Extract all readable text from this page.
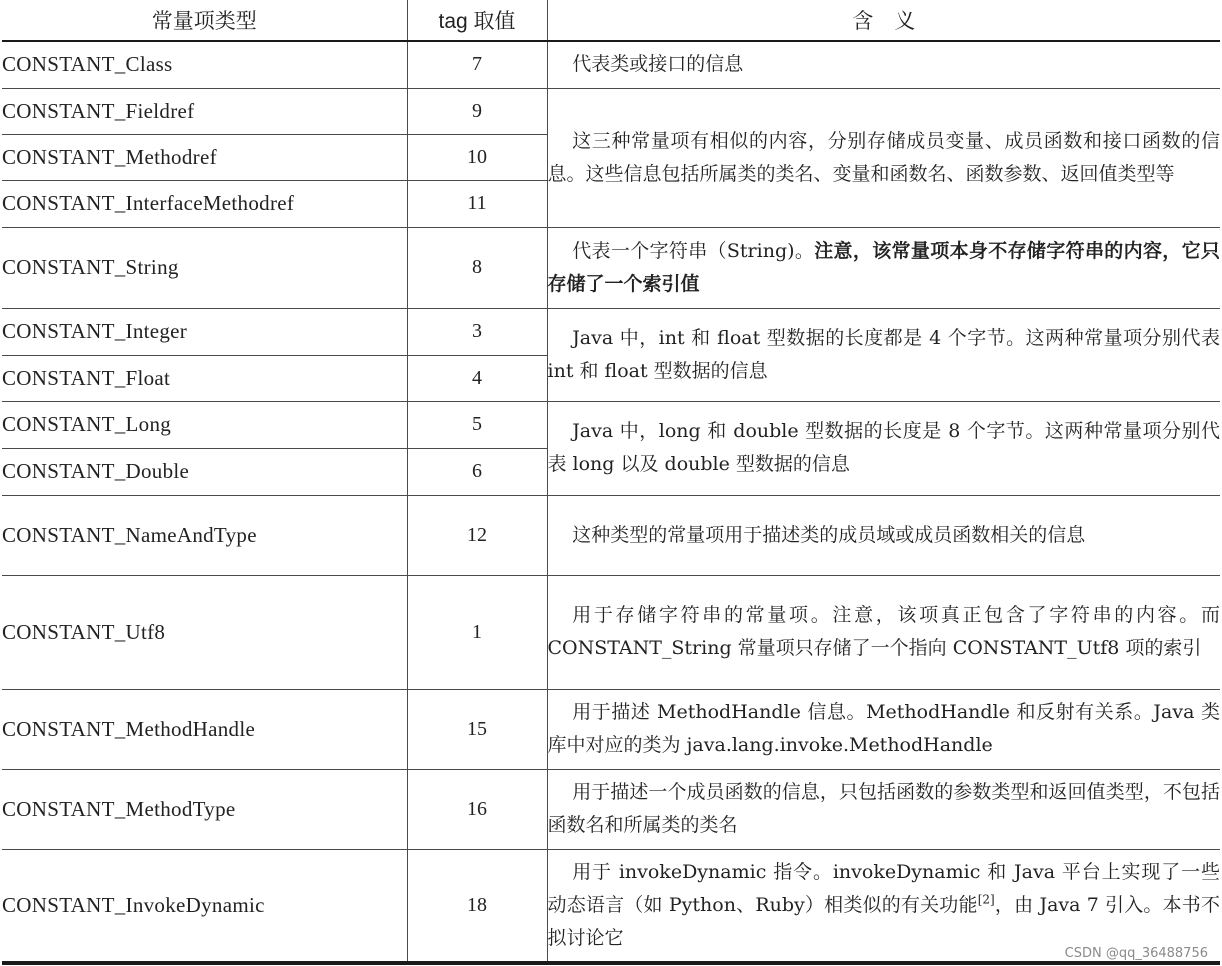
常量项类型	tag 取值	含　义
CONSTANT_Class	7	代表类或接口的信息
CONSTANT_Fieldref	9	这三种常量项有相似的内容，分别存储成员变量、成员函数和接口函数的信息。这些信息包括所属类的类名、变量和函数名、函数参数、返回值类型等
CONSTANT_Methodref	10	
CONSTANT_InterfaceMethodref	11	
CONSTANT_String	8	代表一个字符串（String)。注意，该常量项本身不存储字符串的内容，它只存储了一个索引值
CONSTANT_Integer	3	Java 中，int 和 float 型数据的长度都是 4 个字节。这两种常量项分别代表 int 和 float 型数据的信息
CONSTANT_Float	4	
CONSTANT_Long	5	Java 中，long 和 double 型数据的长度是 8 个字节。这两种常量项分别代表 long 以及 double 型数据的信息
CONSTANT_Double	6	
CONSTANT_NameAndType	12	这种类型的常量项用于描述类的成员域或成员函数相关的信息
CONSTANT_Utf8	1	用于存储字符串的常量项。注意，该项真正包含了字符串的内容。而 CONSTANT_String 常量项只存储了一个指向 CONSTANT_Utf8 项的索引
CONSTANT_MethodHandle	15	用于描述 MethodHandle 信息。MethodHandle 和反射有关系。Java 类库中对应的类为 java.lang.invoke.MethodHandle
CONSTANT_MethodType	16	用于描述一个成员函数的信息，只包括函数的参数类型和返回值类型，不包括函数名和所属类的类名
CONSTANT_InvokeDynamic	18	用于 invokeDynamic 指令。invokeDynamic 和 Java 平台上实现了一些动态语言（如 Python、Ruby）相类似的有关功能[2]，由 Java 7 引入。本书不拟讨论它
CSDN @qq_36488756
